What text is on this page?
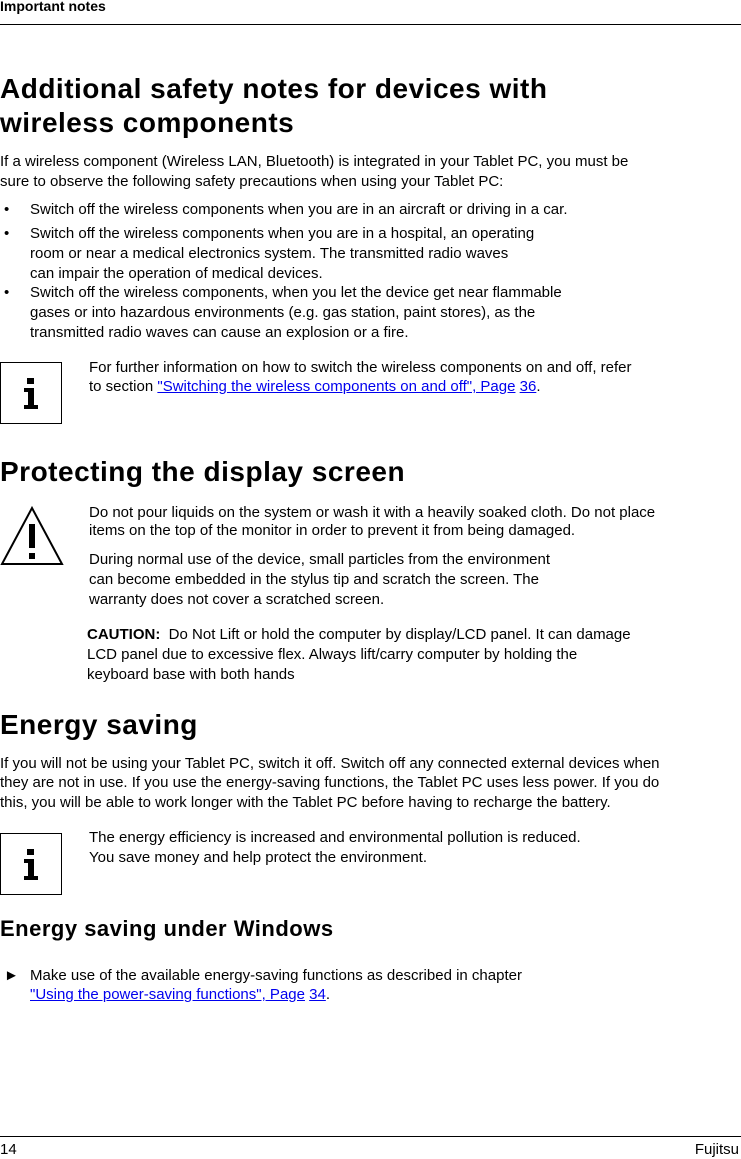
Important notes
Additional safety notes for devices with
wireless components
If a wireless component (Wireless LAN, Bluetooth) is integrated in your Tablet PC, you must be
sure to observe the following safety precautions when using your Tablet PC:
• Switch off the wireless components when you are in an aircraft or driving in a car.
• Switch off the wireless components when you are in a hospital, an operating
room or near a medical electronics system. The transmitted radio waves
can impair the operation of medical devices.
• Switch off the wireless components, when you let the device get near flammable
gases or into hazardous environments (e.g. gas station, paint stores), as the
transmitted radio waves can cause an explosion or a fire.
For further information on how to switch the wireless components on and off, refer
to section "Switching the wireless components on and off", Page 36.
Protecting the display screen
Do not pour liquids on the system or wash it with a heavily soaked cloth. Do not place
items on the top of the monitor in order to prevent it from being damaged.
During normal use of the device, small particles from the environment
can become embedded in the stylus tip and scratch the screen. The
warranty does not cover a scratched screen.
CAUTION: Do Not Lift or hold the computer by display/LCD panel. It can damage
LCD panel due to excessive flex. Always lift/carry computer by holding the
keyboard base with both hands
Energy saving
If you will not be using your Tablet PC, switch it off. Switch off any connected external devices when
they are not in use. If you use the energy-saving functions, the Tablet PC uses less power. If you do
this, you will be able to work longer with the Tablet PC before having to recharge the battery.
The energy efficiency is increased and environmental pollution is reduced.
You save money and help protect the environment.
Energy saving under Windows
► Make use of the available energy-saving functions as described in chapter
"Using the power-saving functions", Page 34.
14	Fujitsu
